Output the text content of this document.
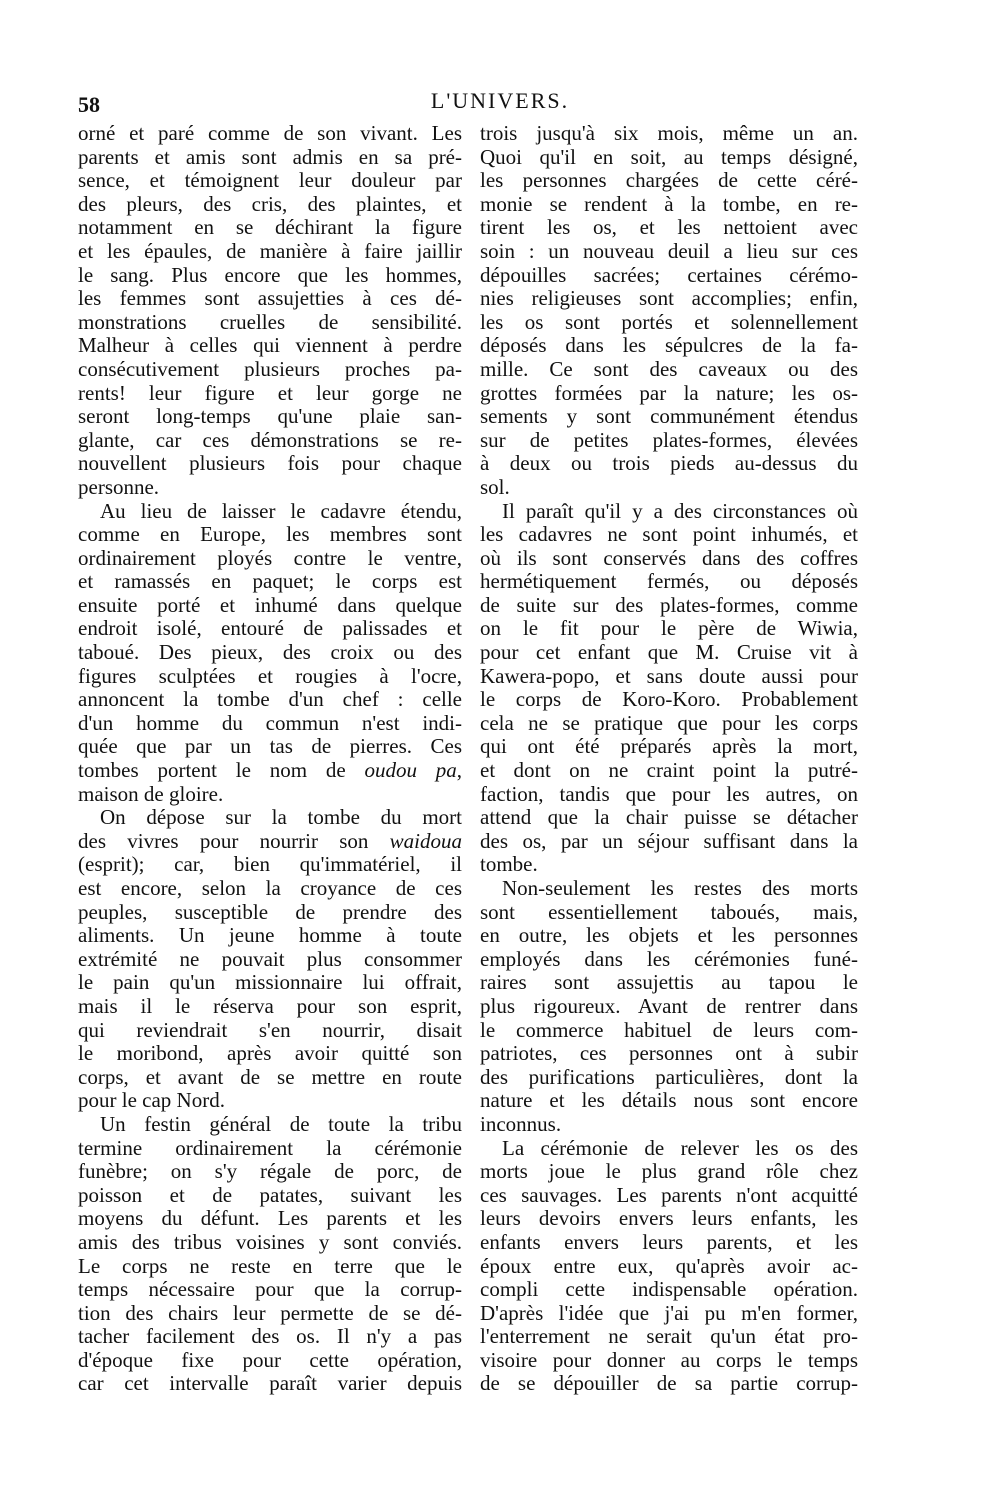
58	L'UNIVERS.
orné et paré comme de son vivant. Les
parents et amis sont admis en sa pré-
sence, et témoignent leur douleur par
des pleurs, des cris, des plaintes, et
notamment en se déchirant la figure
et les épaules, de manière à faire jaillir
le sang. Plus encore que les hommes,
les femmes sont assujetties à ces dé-
monstrations cruelles de sensibilité.
Malheur à celles qui viennent à perdre
consécutivement plusieurs proches pa-
rents! leur figure et leur gorge ne
seront long-temps qu'une plaie san-
glante, car ces démonstrations se re-
nouvellent plusieurs fois pour chaque
personne.
Au lieu de laisser le cadavre étendu,
comme en Europe, les membres sont
ordinairement ployés contre le ventre,
et ramassés en paquet; le corps est
ensuite porté et inhumé dans quelque
endroit isolé, entouré de palissades et
taboué. Des pieux, des croix ou des
figures sculptées et rougies à l'ocre,
annoncent la tombe d'un chef : celle
d'un homme du commun n'est indi-
quée que par un tas de pierres. Ces
tombes portent le nom de oudou pa,
maison de gloire.
On dépose sur la tombe du mort
des vivres pour nourrir son waidoua
(esprit); car, bien qu'immatériel, il
est encore, selon la croyance de ces
peuples, susceptible de prendre des
aliments. Un jeune homme à toute
extrémité ne pouvait plus consommer
le pain qu'un missionnaire lui offrait,
mais il le réserva pour son esprit,
qui reviendrait s'en nourrir, disait
le moribond, après avoir quitté son
corps, et avant de se mettre en route
pour le cap Nord.
Un festin général de toute la tribu
termine ordinairement la cérémonie
funèbre; on s'y régale de porc, de
poisson et de patates, suivant les
moyens du défunt. Les parents et les
amis des tribus voisines y sont conviés.
Le corps ne reste en terre que le
temps nécessaire pour que la corrup-
tion des chairs leur permette de se dé-
tacher facilement des os. Il n'y a pas
d'époque fixe pour cette opération,
car cet intervalle paraît varier depuis
trois jusqu'à six mois, même un an.
Quoi qu'il en soit, au temps désigné,
les personnes chargées de cette céré-
monie se rendent à la tombe, en re-
tirent les os, et les nettoient avec
soin : un nouveau deuil a lieu sur ces
dépouilles sacrées; certaines cérémo-
nies religieuses sont accomplies; enfin,
les os sont portés et solennellement
déposés dans les sépulcres de la fa-
mille. Ce sont des caveaux ou des
grottes formées par la nature; les os-
sements y sont communément étendus
sur de petites plates-formes, élevées
à deux ou trois pieds au-dessus du
sol.
Il paraît qu'il y a des circonstances où
les cadavres ne sont point inhumés, et
où ils sont conservés dans des coffres
hermétiquement fermés, ou déposés
de suite sur des plates-formes, comme
on le fit pour le père de Wiwia,
pour cet enfant que M. Cruise vit à
Kawera-popo, et sans doute aussi pour
le corps de Koro-Koro. Probablement
cela ne se pratique que pour les corps
qui ont été préparés après la mort,
et dont on ne craint point la putré-
faction, tandis que pour les autres, on
attend que la chair puisse se détacher
des os, par un séjour suffisant dans la
tombe.
Non-seulement les restes des morts
sont essentiellement taboués, mais,
en outre, les objets et les personnes
employés dans les cérémonies funé-
raires sont assujettis au tapou le
plus rigoureux. Avant de rentrer dans
le commerce habituel de leurs com-
patriotes, ces personnes ont à subir
des purifications particulières, dont la
nature et les détails nous sont encore
inconnus.
La cérémonie de relever les os des
morts joue le plus grand rôle chez
ces sauvages. Les parents n'ont acquitté
leurs devoirs envers leurs enfants, les
enfants envers leurs parents, et les
époux entre eux, qu'après avoir ac-
compli cette indispensable opération.
D'après l'idée que j'ai pu m'en former,
l'enterrement ne serait qu'un état pro-
visoire pour donner au corps le temps
de se dépouiller de sa partie corrup-
